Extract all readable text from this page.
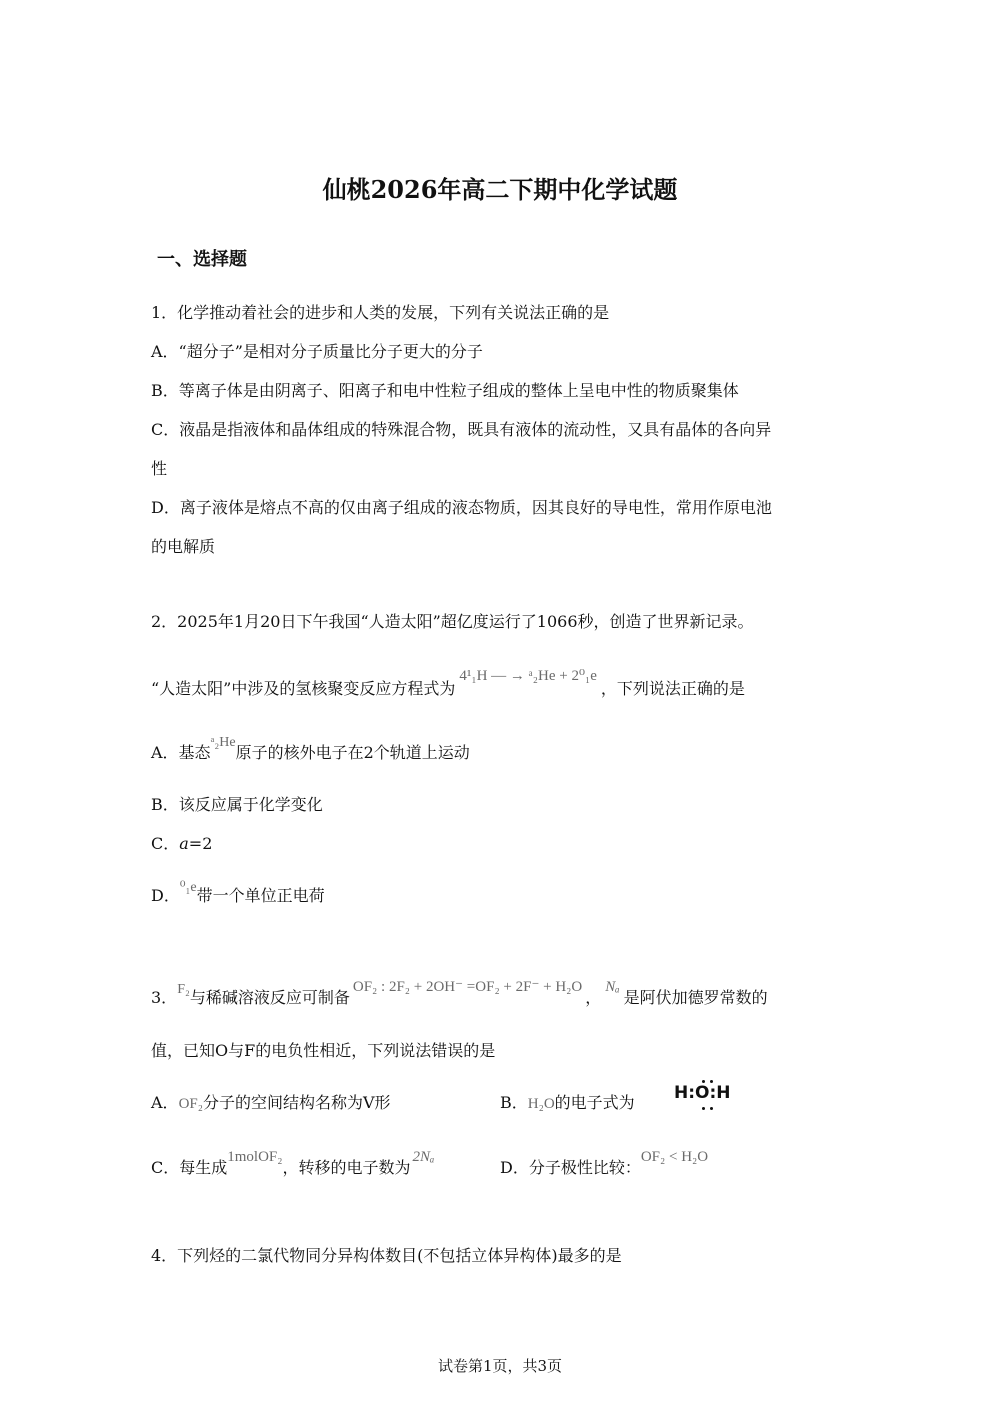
仙桃2026年高二下期中化学试题
一、选择题
1．化学推动着社会的进步和人类的发展，下列有关说法正确的是
A．“超分子”是相对分子质量比分子更大的分子
B．等离子体是由阴离子、阳离子和电中性粒子组成的整体上呈电中性的物质聚集体
C．液晶是指液体和晶体组成的特殊混合物，既具有液体的流动性，又具有晶体的各向异
性
D．离子液体是熔点不高的仅由离子组成的液态物质，因其良好的导电性，常用作原电池
的电解质
2．2025年1月20日下午我国“人造太阳”超亿度运行了1066秒，创造了世界新记录。
“人造太阳”中涉及的氢核聚变反应方程式为4¹₁H — → ᵃ₂He + 2⁰₁e，下列说法正确的是
A．基态ᵃ₂He原子的核外电子在2个轨道上运动
B．该反应属于化学变化
C．a=2
D．⁰₁e带一个单位正电荷
3．F₂与稀碱溶液反应可制备OF₂ : 2F₂ + 2OH⁻ =OF₂ + 2F⁻ + H₂O，Nₐ是阿伏加德罗常数的
值，已知O与F的电负性相近，下列说法错误的是
A．OF₂分子的空间结构名称为V形	B．H₂O的电子式为 H:O:H
C．每生成1molOF₂，转移的电子数为2Nₐ
D．分子极性比较：OF₂ < H₂O
4．下列烃的二氯代物同分异构体数目(不包括立体异构体)最多的是
试卷第1页，共3页
